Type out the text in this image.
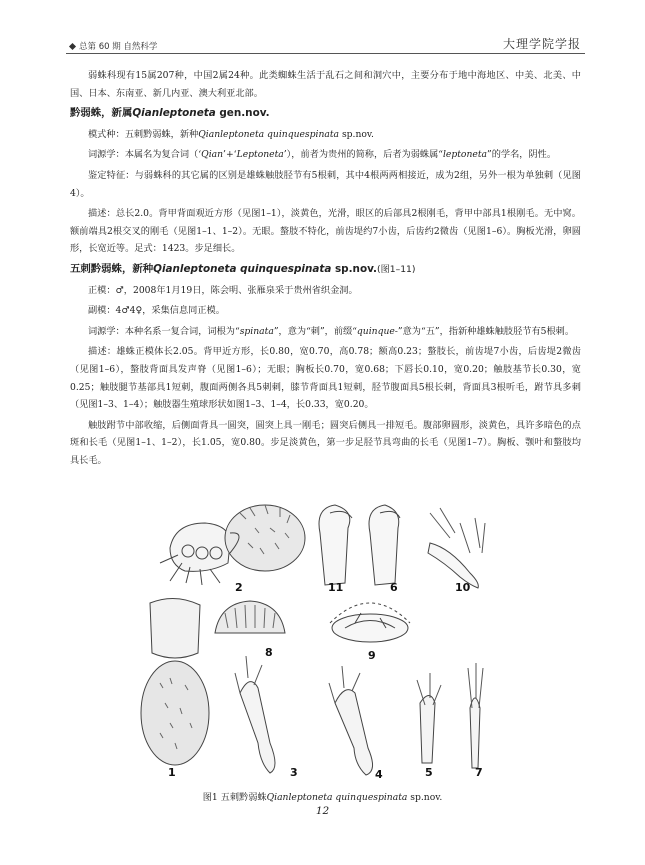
总第 60 期 自然科学	大理学院学报

弱蛛科现有15属207种，中国2属24种。此类蜘蛛生活于乱石之间和洞穴中，主要分布于地中海地区、中美、北美、中国、日本、东南亚、新几内亚、澳大利亚北部。

黔弱蛛，新属Qianleptoneta gen.nov.

模式种：五刺黔弱蛛，新种Qianleptoneta quinquespinata sp.nov.

词源学：本属名为复合词（‘Qian’+‘Leptoneta’），前者为贵州的简称，后者为弱蛛属“leptoneta”的学名，阴性。

鉴定特征：与弱蛛科的其它属的区别是雄蛛触肢胫节有5根刺，其中4根两两相接近，成为2组，另外一根为单独刺（见图4）。

描述：总长2.0。背甲背面观近方形（见图1–1），淡黄色，光滑，眼区的后部具2根刚毛，背甲中部具1根刚毛。无中窝。额前端具2根交叉的刚毛（见图1–1、1–2）。无眼。螯肢不特化，前齿堤约7小齿，后齿约2微齿（见图1–6）。胸板光滑，卵圆形，长宽近等。足式：1423。步足细长。

五刺黔弱蛛，新种Qianleptoneta quinquespinata sp.nov.(图1–11)

正模：♂，2008年1月19日，陈会明、张雁泉采于贵州省织金洞。

副模：4♂4♀，采集信息同正模。

词源学：本种名系一复合词，词根为“spinata”，意为“刺”，前缀“quinque-”意为“五”，指新种雄蛛触肢胫节有5根刺。

描述：雄蛛正模体长2.05。背甲近方形，长0.80，宽0.70，高0.78；额高0.23；螯肢长，前齿堤7小齿，后齿堤2微齿（见图1–6），螯肢背面具发声脊（见图1–6）；无眼；胸板长0.70，宽0.68；下唇长0.10，宽0.20；触肢基节长0.30，宽0.25；触肢腿节基部具1短刺，腹面两侧各具5刺刺，膝节背面具1短刺，胫节腹面具5根长刺，背面具3根听毛，跗节具多刺（见图1–3、1–4）；触肢器生殖球形状如图1–3、1–4，长0.33，宽0.20。

触肢跗节中部收缩，后侧面背具一圆突，圆突上具一刚毛；圆突后侧具一排短毛。腹部卵圆形，淡黄色，具许多暗色的点斑和长毛（见图1–1、1–2），长1.05，宽0.80。步足淡黄色，第一步足胫节具弯曲的长毛（见图1–7）。胸板、颚叶和螯肢均具长毛。

1
2
3	4	5
6
7
8	9
10
11
图1 五刺黔弱蛛Qianleptoneta quinquespinata sp.nov.
12
